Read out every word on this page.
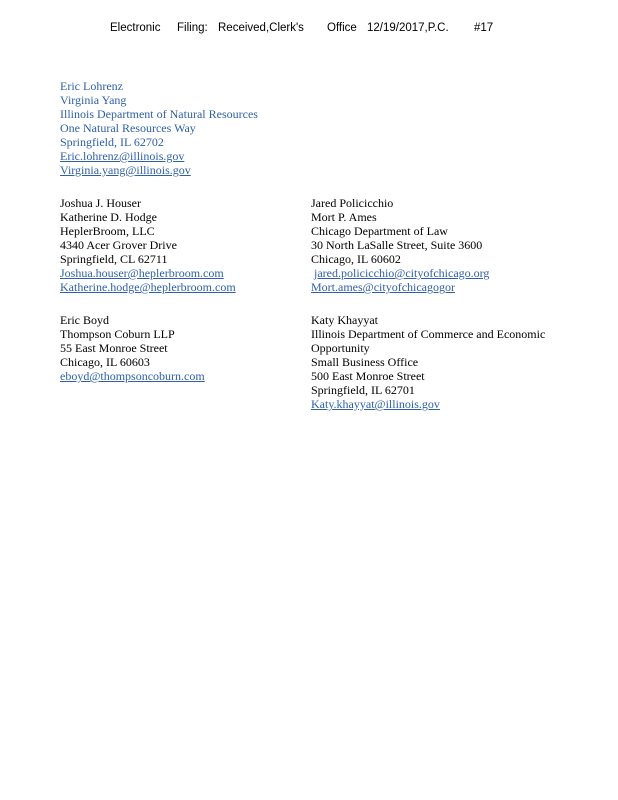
Electronic Filing: Received,Clerk's Office 12/19/2017,P.C. #17
Eric Lohrenz
Virginia Yang
Illinois Department of Natural Resources
One Natural Resources Way
Springfield, IL 62702
Eric.lohrenz@illinois.gov
Virginia.yang@illinois.gov
Joshua J. Houser
Katherine D. Hodge
HeplerBroom, LLC
4340 Acer Grover Drive
Springfield, CL 62711
Joshua.houser@heplerbroom.com
Katherine.hodge@heplerbroom.com
Jared Policicchio
Mort P. Ames
Chicago Department of Law
30 North LaSalle Street, Suite 3600
Chicago, IL 60602
jared.policicchio@cityofchicago.org
Mort.ames@cityofchicagogor
Eric Boyd
Thompson Coburn LLP
55 East Monroe Street
Chicago, IL 60603
eboyd@thompsoncoburn.com
Katy Khayyat
Illinois Department of Commerce and Economic
Opportunity
Small Business Office
500 East Monroe Street
Springfield, IL 62701
Katy.khayyat@illinois.gov
